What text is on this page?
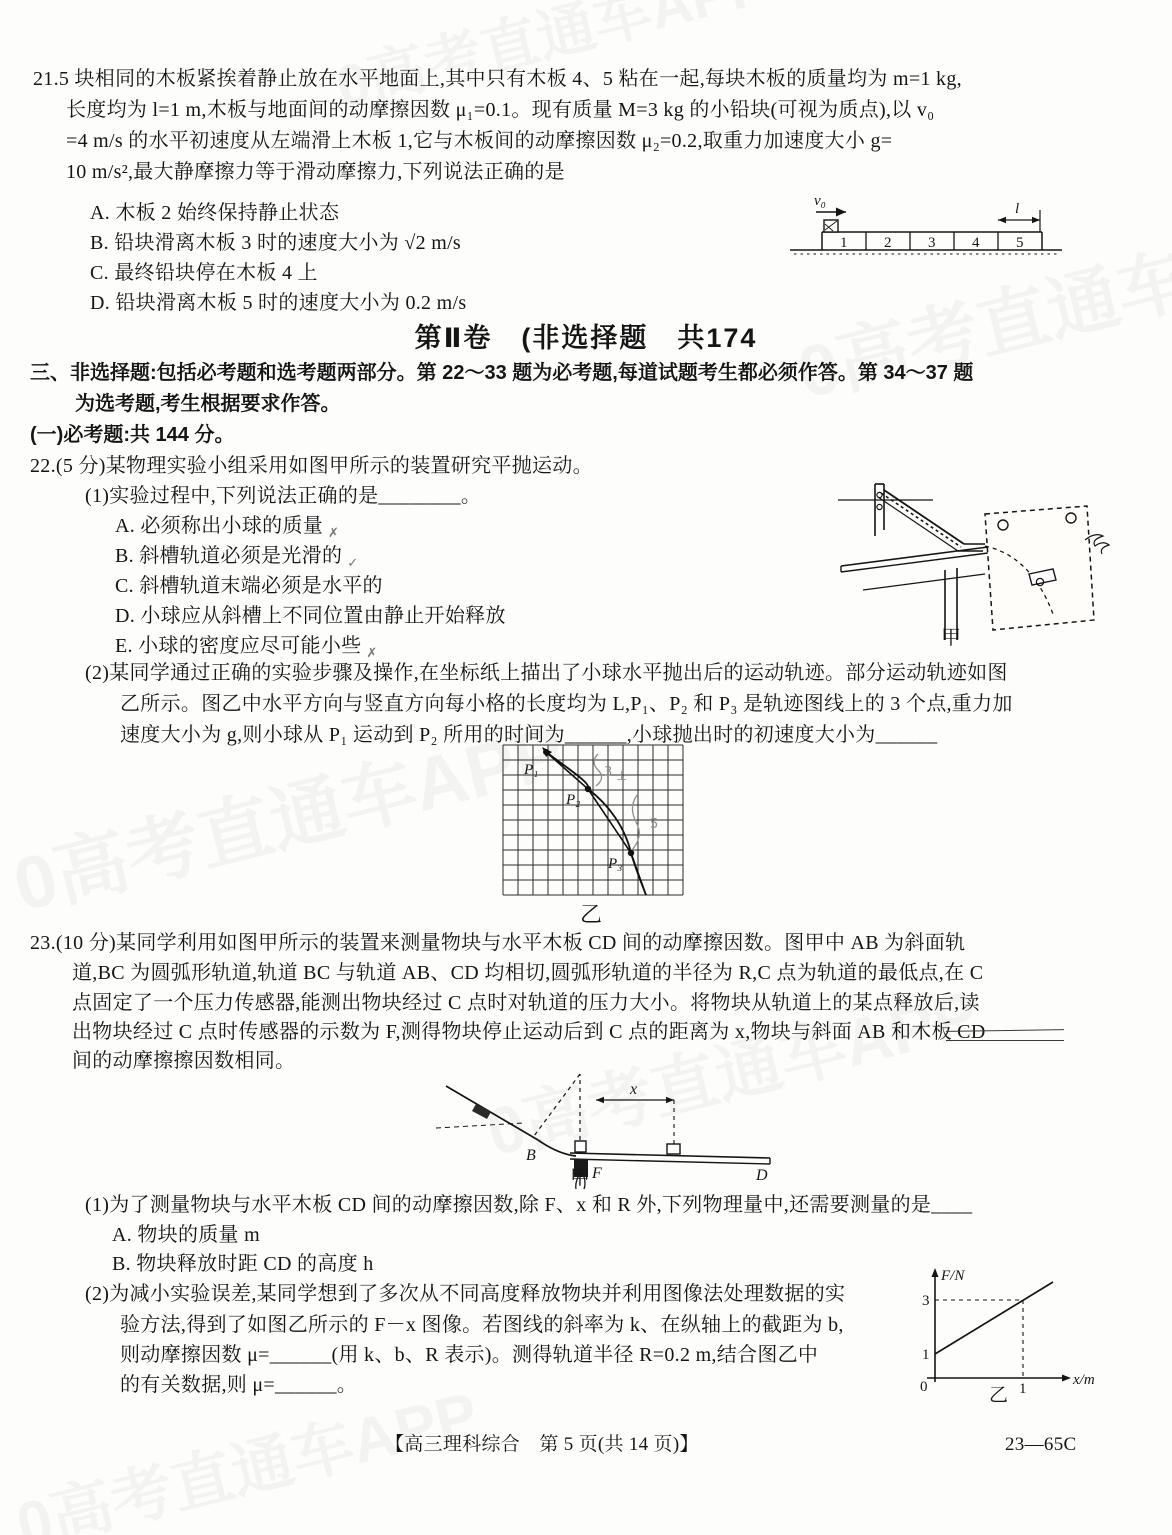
21.5 块相同的木板紧挨着静止放在水平地面上,其中只有木板 4、5 粘在一起,每块木板的质量均为 m=1 kg,
长度均为 l=1 m,木板与地面间的动摩擦因数 μ₁=0.1。现有质量 M=3 kg 的小铅块(可视为质点),以 v₀
=4 m/s 的水平初速度从左端滑上木板 1,它与木板间的动摩擦因数 μ₂=0.2,取重力加速度大小 g=
10 m/s²,最大静摩擦力等于滑动摩擦力,下列说法正确的是
A. 木板 2 始终保持静止状态
B. 铅块滑离木板 3 时的速度大小为 √2 m/s
C. 最终铅块停在木板 4 上
D. 铅块滑离木板 5 时的速度大小为 0.2 m/s
1 2 3 4 5
v₀	l
第Ⅱ卷　(非选择题　共174
三、非选择题:包括必考题和选考题两部分。第 22～33 题为必考题,每道试题考生都必须作答。第 34～37 题
为选考题,考生根据要求作答。
(一)必考题:共 144 分。
22.(5 分)某物理实验小组采用如图甲所示的装置研究平抛运动。
(1)实验过程中,下列说法正确的是________。
A. 必须称出小球的质量 $_✗$
B. 斜槽轨道必须是光滑的 $_✓$
C. 斜槽轨道末端必须是水平的
D. 小球应从斜槽上不同位置由静止开始释放
E. 小球的密度应尽可能小些 $_✗$
甲
(2)某同学通过正确的实验步骤及操作,在坐标纸上描出了小球水平抛出后的运动轨迹。部分运动轨迹如图
乙所示。图乙中水平方向与竖直方向每小格的长度均为 L,P₁、P₂ 和 P₃ 是轨迹图线上的 3 个点,重力加
速度大小为 g,则小球从 P₁ 运动到 P₂ 所用的时间为______,小球抛出时的初速度大小为______
P₁
P₂
P₃
3 ⊥
5
乙
23.(10 分)某同学利用如图甲所示的装置来测量物块与水平木板 CD 间的动摩擦因数。图甲中 AB 为斜面轨
道,BC 为圆弧形轨道,轨道 BC 与轨道 AB、CD 均相切,圆弧形轨道的半径为 R,C 点为轨道的最低点,在 C
点固定了一个压力传感器,能测出物块经过 C 点时对轨道的压力大小。将物块从轨道上的某点释放后,读
出物块经过 C 点时传感器的示数为 F,测得物块停止运动后到 C 点的距离为 x,物块与斜面 AB 和木板 CD
间的动摩擦擦因数相同。
B
D
F
x
甲
(1)为了测量物块与水平木板 CD 间的动摩擦因数,除 F、x 和 R 外,下列物理量中,还需要测量的是____
A. 物块的质量 m
B. 物块释放时距 CD 的高度 h
(2)为减小实验误差,某同学想到了多次从不同高度释放物块并利用图像法处理数据的实
验方法,得到了如图乙所示的 F－x 图像。若图线的斜率为 k、在纵轴上的截距为 b,
则动摩擦因数 μ=______(用 k、b、R 表示)。测得轨道半径 R=0.2 m,结合图乙中
的有关数据,则 μ=______。
F/N
x/m
0
3
1
1
乙
【高三理科综合　第 5 页(共 14 页)】	23—65C
